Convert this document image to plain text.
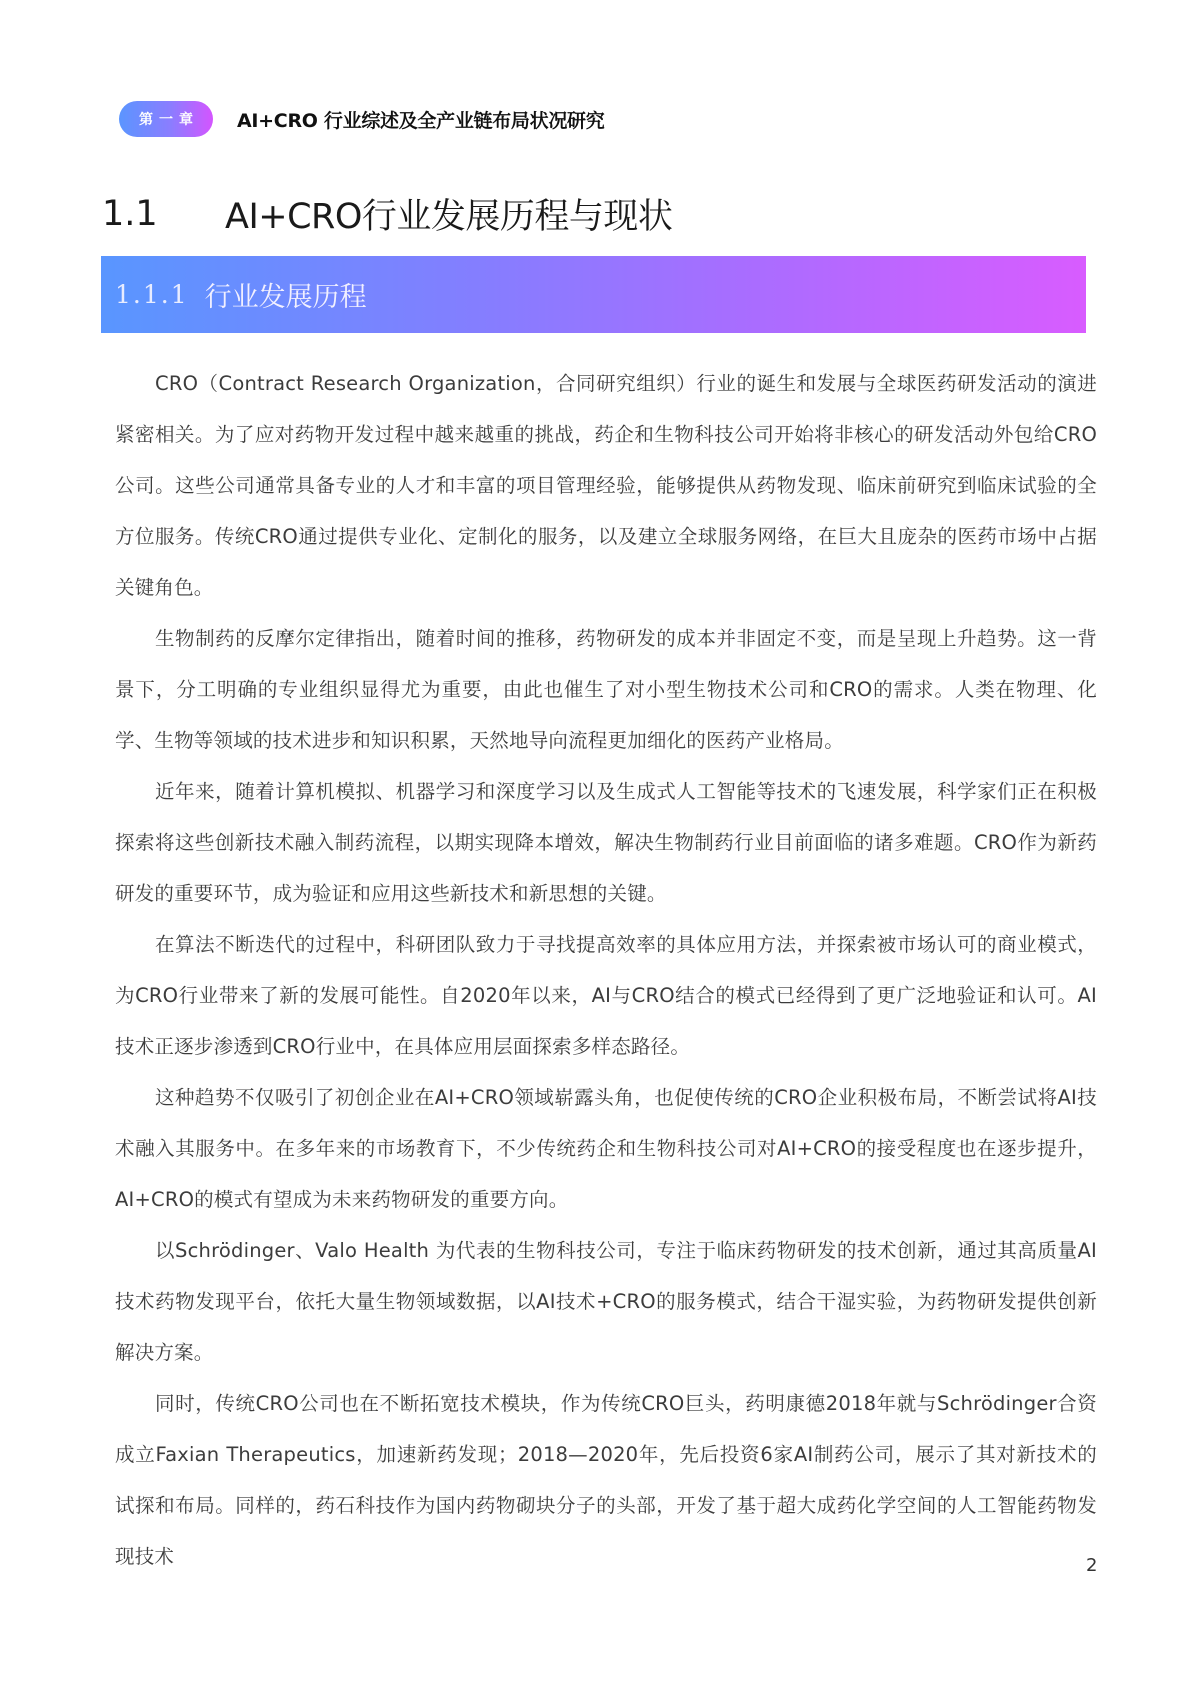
第一章	AI+CRO 行业综述及全产业链布局状况研究
1.1	AI+CRO行业发展历程与现状
1.1.1 行业发展历程

CRO（Contract Research Organization，合同研究组织）行业的诞生和发展与全球医药研发活动的演进紧密相关。为了应对药物开发过程中越来越重的挑战，药企和生物科技公司开始将非核心的研发活动外包给CRO公司。这些公司通常具备专业的人才和丰富的项目管理经验，能够提供从药物发现、临床前研究到临床试验的全方位服务。传统CRO通过提供专业化、定制化的服务，以及建立全球服务网络，在巨大且庞杂的医药市场中占据关键角色。

生物制药的反摩尔定律指出，随着时间的推移，药物研发的成本并非固定不变，而是呈现上升趋势。这一背景下，分工明确的专业组织显得尤为重要，由此也催生了对小型生物技术公司和CRO的需求。人类在物理、化学、生物等领域的技术进步和知识积累，天然地导向流程更加细化的医药产业格局。

近年来，随着计算机模拟、机器学习和深度学习以及生成式人工智能等技术的飞速发展，科学家们正在积极探索将这些创新技术融入制药流程，以期实现降本增效，解决生物制药行业目前面临的诸多难题。CRO作为新药研发的重要环节，成为验证和应用这些新技术和新思想的关键。

在算法不断迭代的过程中，科研团队致力于寻找提高效率的具体应用方法，并探索被市场认可的商业模式，为CRO行业带来了新的发展可能性。自2020年以来，AI与CRO结合的模式已经得到了更广泛地验证和认可。AI技术正逐步渗透到CRO行业中，在具体应用层面探索多样态路径。

这种趋势不仅吸引了初创企业在AI+CRO领域崭露头角，也促使传统的CRO企业积极布局，不断尝试将AI技术融入其服务中。在多年来的市场教育下，不少传统药企和生物科技公司对AI+CRO的接受程度也在逐步提升，AI+CRO的模式有望成为未来药物研发的重要方向。

以Schrödinger、Valo Health 为代表的生物科技公司，专注于临床药物研发的技术创新，通过其高质量AI技术药物发现平台，依托大量生物领域数据，以AI技术+CRO的服务模式，结合干湿实验，为药物研发提供创新解决方案。

同时，传统CRO公司也在不断拓宽技术模块，作为传统CRO巨头，药明康德2018年就与Schrödinger合资成立Faxian Therapeutics，加速新药发现；2018—2020年，先后投资6家AI制药公司，展示了其对新技术的试探和布局。同样的，药石科技作为国内药物砌块分子的头部，开发了基于超大成药化学空间的人工智能药物发现技术	2
